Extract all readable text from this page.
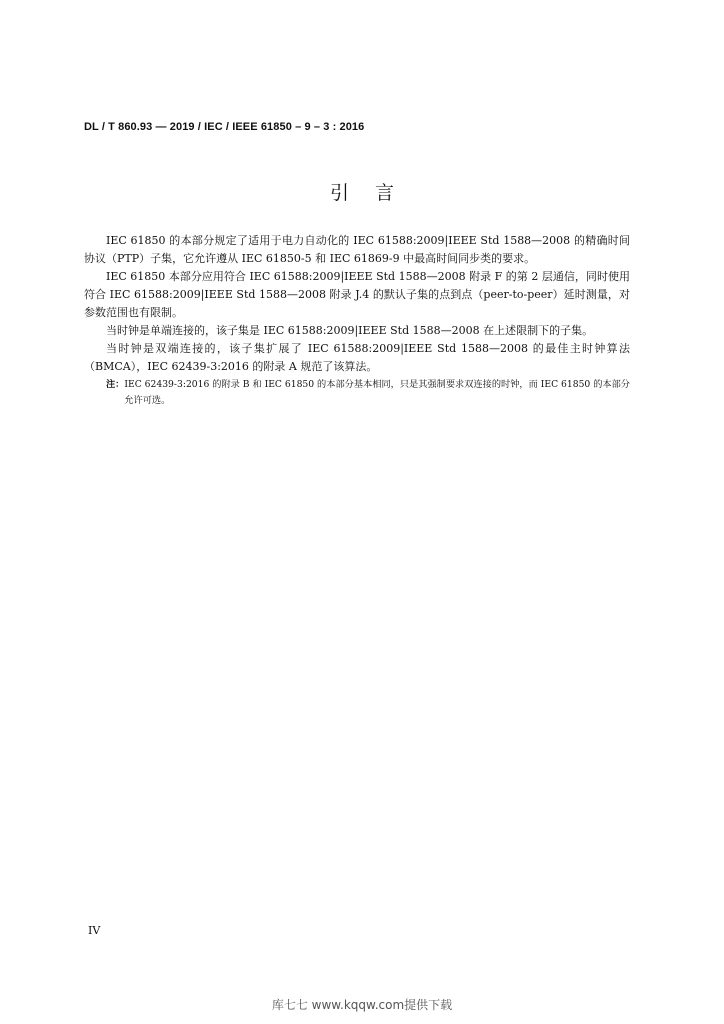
DL / T 860.93 — 2019 / IEC / IEEE 61850 – 9 – 3 : 2016
引言

IEC 61850 的本部分规定了适用于电力自动化的 IEC 61588:2009|IEEE Std 1588—2008 的精确时间协议（PTP）子集，它允许遵从 IEC 61850-5 和 IEC 61869-9 中最高时间同步类的要求。

IEC 61850 本部分应用符合 IEC 61588:2009|IEEE Std 1588—2008 附录 F 的第 2 层通信，同时使用符合 IEC 61588:2009|IEEE Std 1588—2008 附录 J.4 的默认子集的点到点（peer-to-peer）延时测量，对参数范围也有限制。

当时钟是单端连接的，该子集是 IEC 61588:2009|IEEE Std 1588—2008 在上述限制下的子集。

当时钟是双端连接的，该子集扩展了 IEC 61588:2009|IEEE Std 1588—2008 的最佳主时钟算法（BMCA），IEC 62439-3:2016 的附录 A 规范了该算法。

注： IEC 62439-3:2016 的附录 B 和 IEC 61850 的本部分基本相同，只是其强制要求双连接的时钟，而 IEC 61850 的本部分允许可选。
IV
库七七 www.kqqw.com提供下载
